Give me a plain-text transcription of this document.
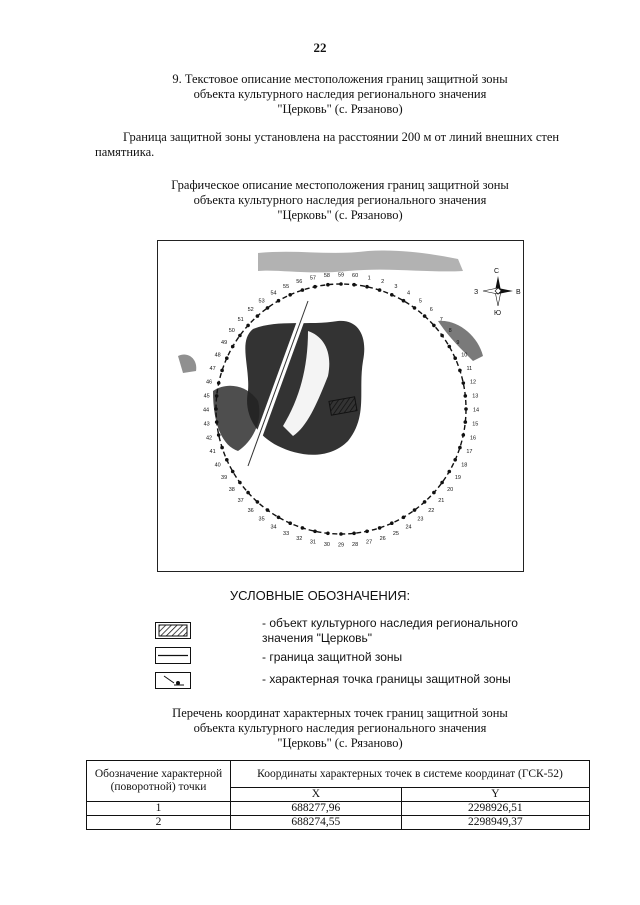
22
9. Текстовое описание местоположения границ защитной зоны
объекта культурного наследия регионального значения
"Церковь" (с. Рязаново)
Граница защитной зоны установлена на расстоянии 200 м от линий внешних стен
памятника.
Графическое описание местоположения границ защитной зоны
объекта культурного наследия регионального значения
"Церковь" (с. Рязаново)
1
2
3
4
5
6
7
8
9
10
11
12
13
14
15
16
17
18
19
20
21
22
23
24
25
26
27
28
29
30
31
32
33
34
35
36
37
38
39
40
41
42
43
44
45
46
47
48
49
50
51
52
53
54
55
56
57 58 59 60
С
Ю
З	В
УСЛОВНЫЕ ОБОЗНАЧЕНИЯ:
- объект культурного наследия регионального
значения "Церковь"
- граница защитной зоны
- характерная точка границы защитной зоны
Перечень координат характерных точек границ защитной зоны
объекта культурного наследия регионального значения
"Церковь" (с. Рязаново)
Обозначение характерной (поворотной) точки	Координаты характерных точек в системе координат (ГСК-52)	
	X	Y
1	688277,96	2298926,51
2	688274,55	2298949,37
